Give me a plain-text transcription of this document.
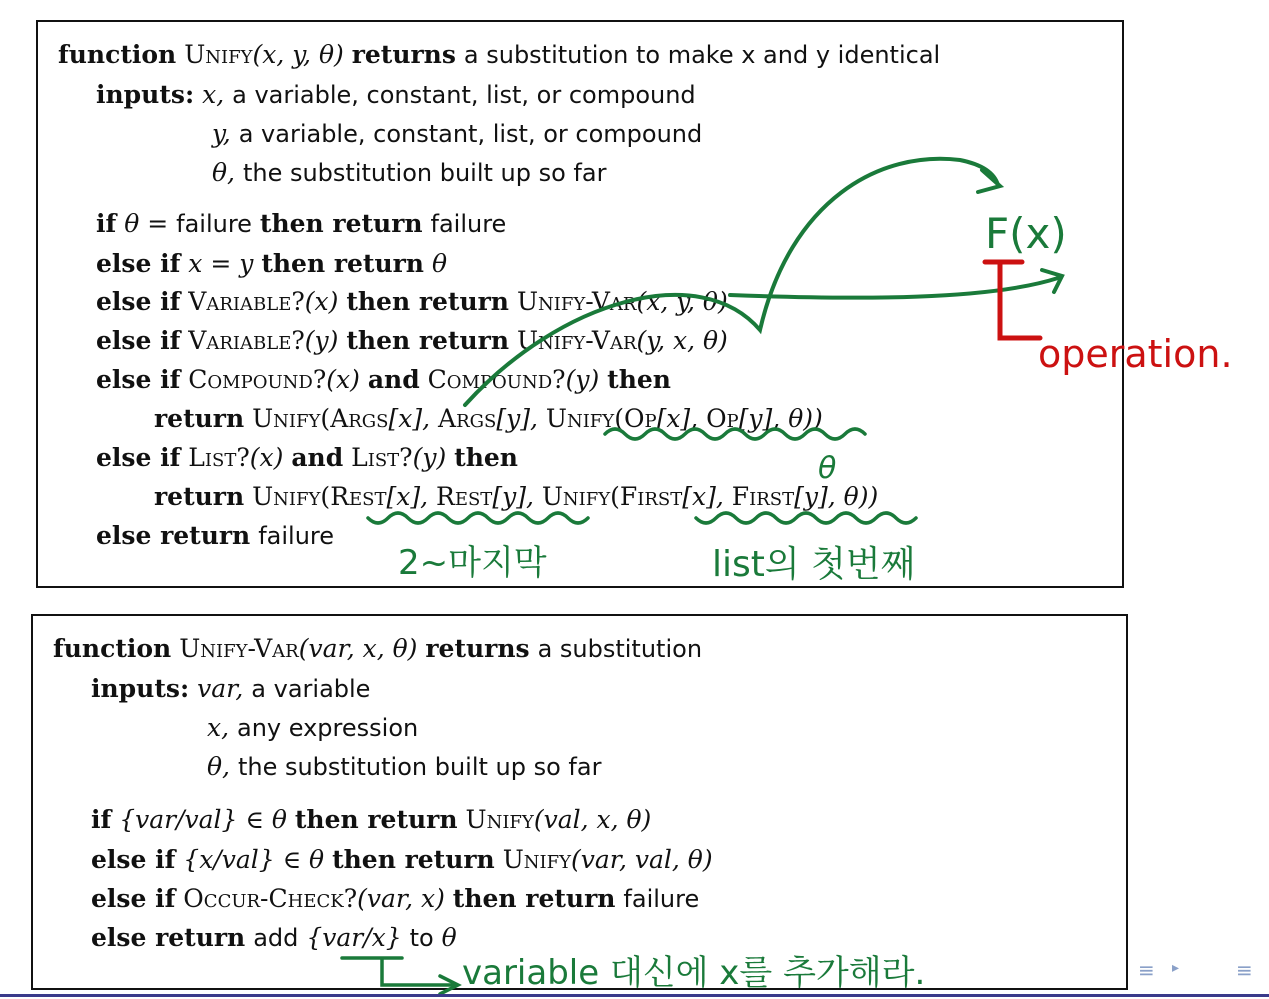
function Unify(x, y, θ) returns a substitution to make x and y identical
inputs: x, a variable, constant, list, or compound
y, a variable, constant, list, or compound
θ, the substitution built up so far
if θ = failure then return failure
else if x = y then return θ
else if Variable?(x) then return Unify-Var(x, y, θ)
else if Variable?(y) then return Unify-Var(y, x, θ)
else if Compound?(x) and Compound?(y) then
return Unify(Args[x], Args[y], Unify(Op[x], Op[y], θ))
else if List?(x) and List?(y) then
return Unify(Rest[x], Rest[y], Unify(First[x], First[y], θ))
else return failure
function Unify-Var(var, x, θ) returns a substitution
inputs: var, a variable
x, any expression
θ, the substitution built up so far
if {var/val} ∈ θ then return Unify(val, x, θ)
else if {x/val} ∈ θ then return Unify(var, val, θ)
else if Occur-Check?(var, x) then return failure
else return add {var/x} to θ
F(x)
operation.
θ
2~마지막	list의 첫번째
variable 대신에 x를 추가해라.	≡ ▸	≡
